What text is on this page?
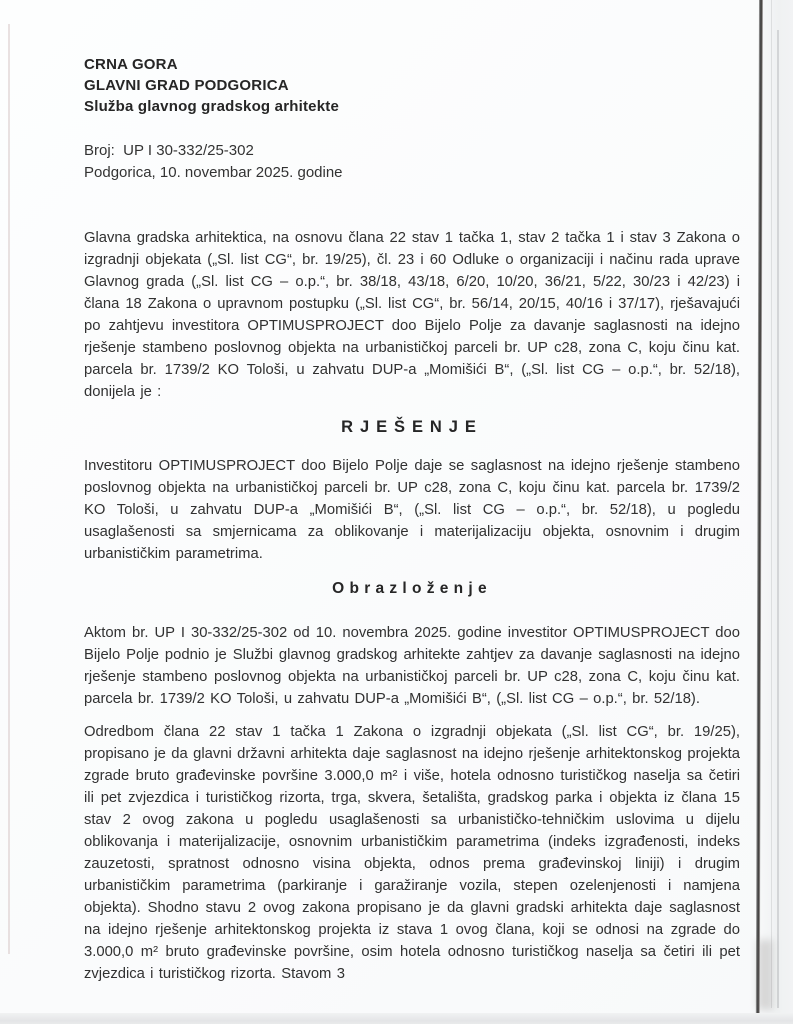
CRNA GORA
GLAVNI GRAD PODGORICA
Služba glavnog gradskog arhitekte
Broj:  UP I 30-332/25-302
Podgorica, 10. novembar 2025. godine

Glavna gradska arhitektica, na osnovu člana 22 stav 1 tačka 1, stav 2 tačka 1 i stav 3 Zakona o izgradnji objekata („Sl. list CG“, br. 19/25), čl. 23 i 60 Odluke o organizaciji i načinu rada uprave Glavnog grada („Sl. list CG – o.p.“, br. 38/18, 43/18, 6/20, 10/20, 36/21, 5/22, 30/23 i 42/23) i člana 18 Zakona o upravnom postupku („Sl. list CG“, br. 56/14, 20/15, 40/16 i 37/17), rješavajući po zahtjevu investitora OPTIMUSPROJECT doo Bijelo Polje za davanje saglasnosti na idejno rješenje stambeno poslovnog objekta na urbanističkoj parceli br. UP c28, zona C, koju činu kat. parcela br. 1739/2 KO Tološi, u zahvatu DUP-a „Momišići B“, („Sl. list CG – o.p.“, br. 52/18), donijela je :

RJEŠENJE

Investitoru OPTIMUSPROJECT doo Bijelo Polje daje se saglasnost na idejno rješenje stambeno poslovnog objekta na urbanističkoj parceli br. UP c28, zona C, koju činu kat. parcela br. 1739/2 KO Tološi, u zahvatu DUP-a „Momišići B“, („Sl. list CG – o.p.“, br. 52/18), u pogledu usaglašenosti sa smjernicama za oblikovanje i materijalizaciju objekta, osnovnim i drugim urbanističkim parametrima.

Obrazloženje

Aktom br. UP I 30-332/25-302 od 10. novembra 2025. godine investitor OPTIMUSPROJECT doo Bijelo Polje podnio je Službi glavnog gradskog arhitekte zahtjev za davanje saglasnosti na idejno rješenje stambeno poslovnog objekta na urbanističkoj parceli br. UP c28, zona C, koju činu kat. parcela br. 1739/2 KO Tološi, u zahvatu DUP-a „Momišići B“, („Sl. list CG – o.p.“, br. 52/18).

Odredbom člana 22 stav 1 tačka 1 Zakona o izgradnji objekata („Sl. list CG“, br. 19/25), propisano je da glavni državni arhitekta daje saglasnost na idejno rješenje arhitektonskog projekta zgrade bruto građevinske površine 3.000,0 m² i više, hotela odnosno turističkog naselja sa četiri ili pet zvjezdica i turističkog rizorta, trga, skvera, šetališta, gradskog parka i objekta iz člana 15 stav 2 ovog zakona u pogledu usaglašenosti sa urbanističko-tehničkim uslovima u dijelu oblikovanja i materijalizacije, osnovnim urbanističkim parametrima (indeks izgrađenosti, indeks zauzetosti, spratnost odnosno visina objekta, odnos prema građevinskoj liniji) i drugim urbanističkim parametrima (parkiranje i garažiranje vozila, stepen ozelenjenosti i namjena objekta). Shodno stavu 2 ovog zakona propisano je da glavni gradski arhitekta daje saglasnost na idejno rješenje arhitektonskog projekta iz stava 1 ovog člana, koji se odnosi na zgrade do 3.000,0 m² bruto građevinske površine, osim hotela odnosno turističkog naselja sa četiri ili pet zvjezdica i turističkog rizorta. Stavom 3
